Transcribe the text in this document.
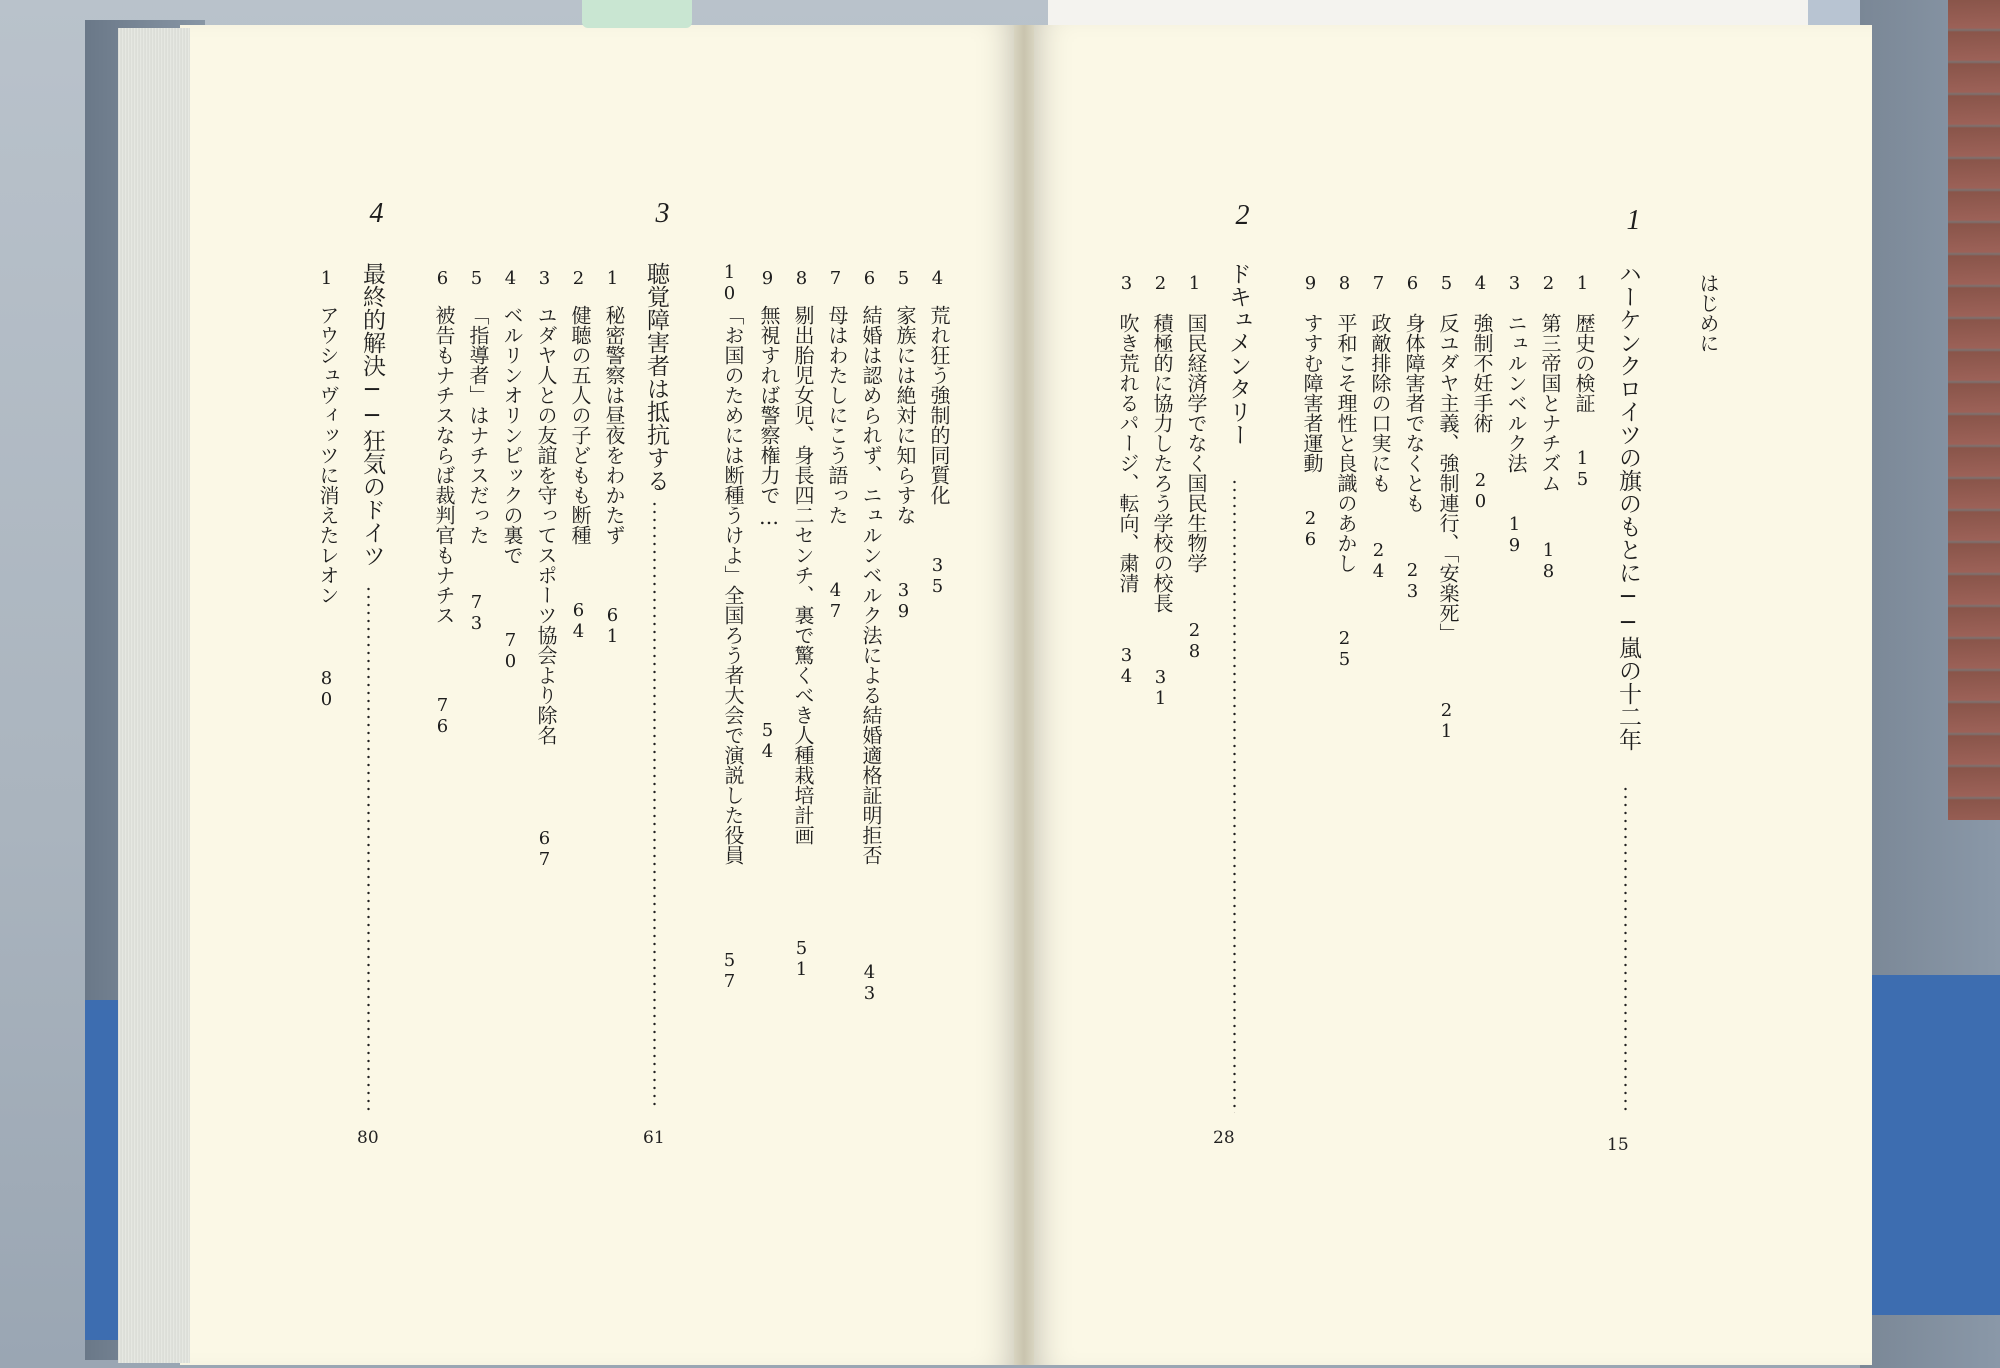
はじめに
1
ハーケンクロイツの旗のもとに──嵐の十二年
15
1
歴史の検証
15
2
第三帝国とナチズム
18
3
ニュルンベルク法
19
4
強制不妊手術
20
5
反ユダヤ主義、強制連行、「安楽死」
21
6
身体障害者でなくとも
23
7
政敵排除の口実にも
24
8
平和こそ理性と良識のあかし
25
9
すすむ障害者運動
26
2
ドキュメンタリー
28
1
国民経済学でなく国民生物学
28
2
積極的に協力したろう学校の校長
31
3
吹き荒れるパージ、転向、粛清
34
4
荒れ狂う強制的同質化
35
5
家族には絶対に知らすな
39
6
結婚は認められず、ニュルンベルク法による結婚適格証明拒否
43
7
母はわたしにこう語った
47
8
剔出胎児女児、身長四二センチ、裏で驚くべき人種栽培計画
51
9
無視すれば警察権力で…
54
10
「お国のためには断種うけよ」全国ろう者大会で演説した役員
57
3
聴覚障害者は抵抗する
61
1
秘密警察は昼夜をわかたず
61
2
健聴の五人の子どもも断種
64
3
ユダヤ人との友誼を守ってスポーツ協会より除名
67
4
ベルリンオリンピックの裏で
70
5
「指導者」はナチスだった
73
6
被告もナチスならば裁判官もナチス
76
4
最終的解決──狂気のドイツ
80
1
アウシュヴィッツに消えたレオン
80
